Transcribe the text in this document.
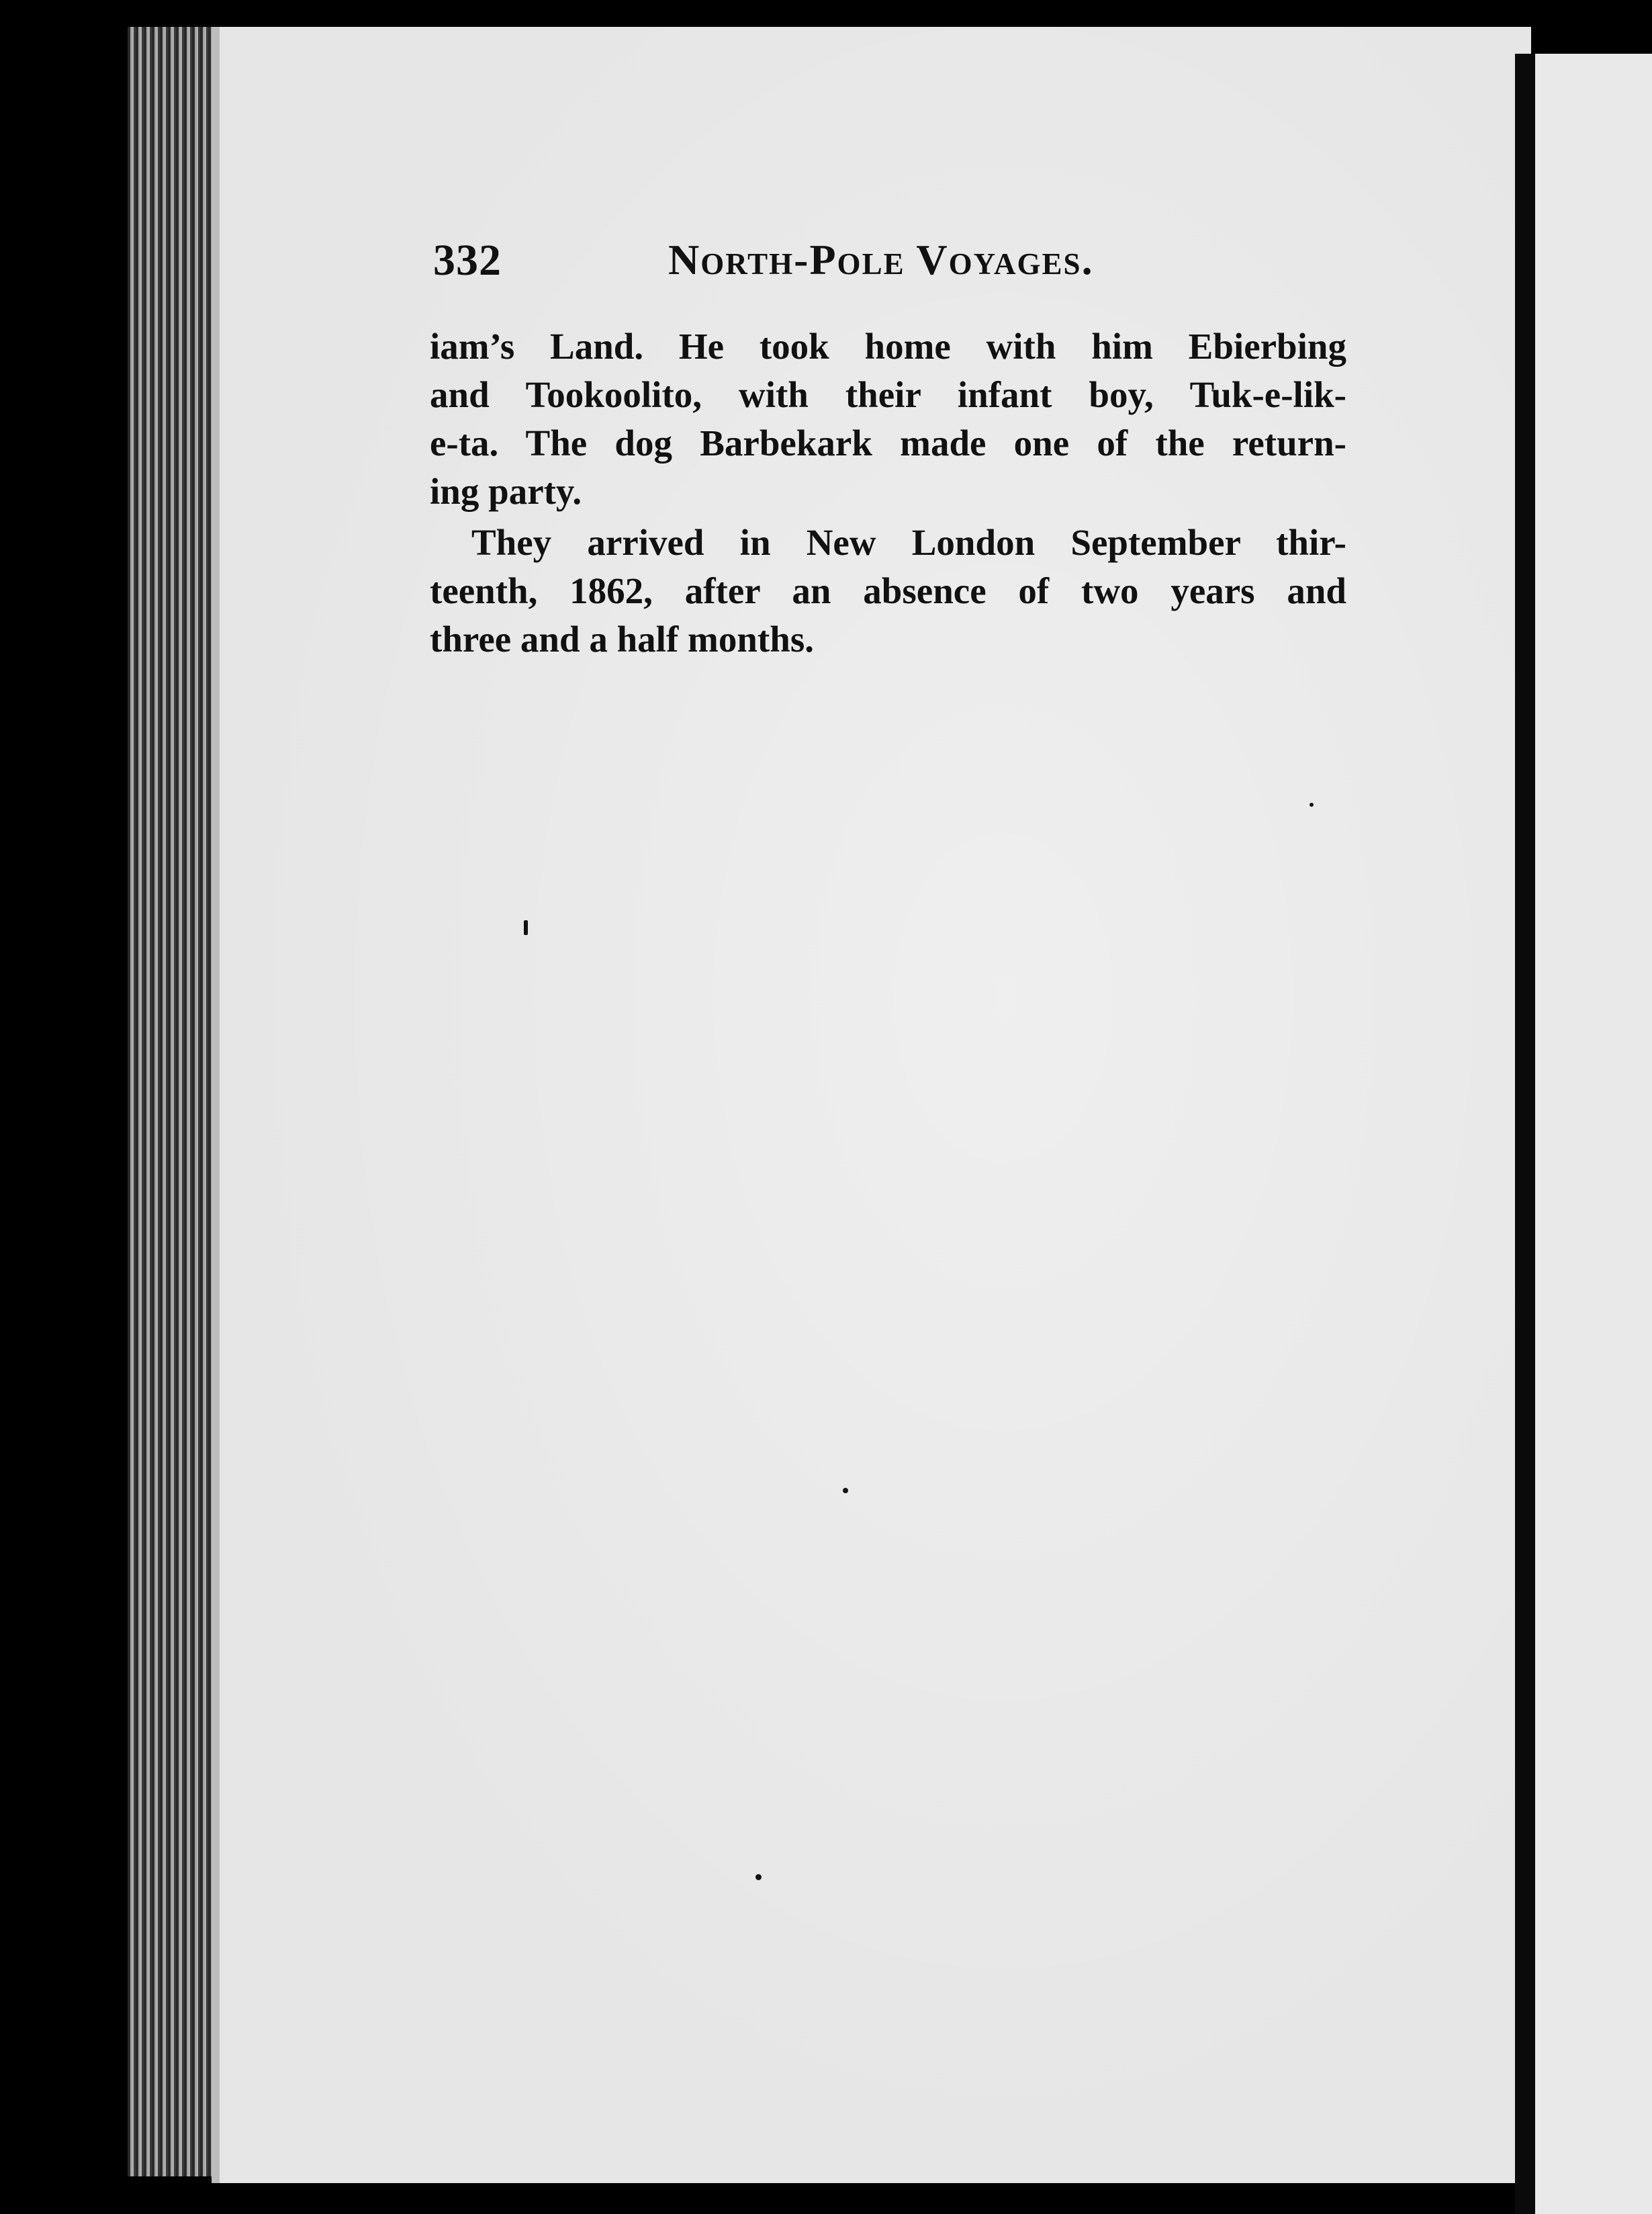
332	North-Pole Voyages.
iam’s Land. He took home with him Ebierbing
and Tookoolito, with their infant boy, Tuk-e-lik-
e-ta. The dog Barbekark made one of the return-
ing party.
They arrived in New London September thir-
teenth, 1862, after an absence of two years and
three and a half months.
